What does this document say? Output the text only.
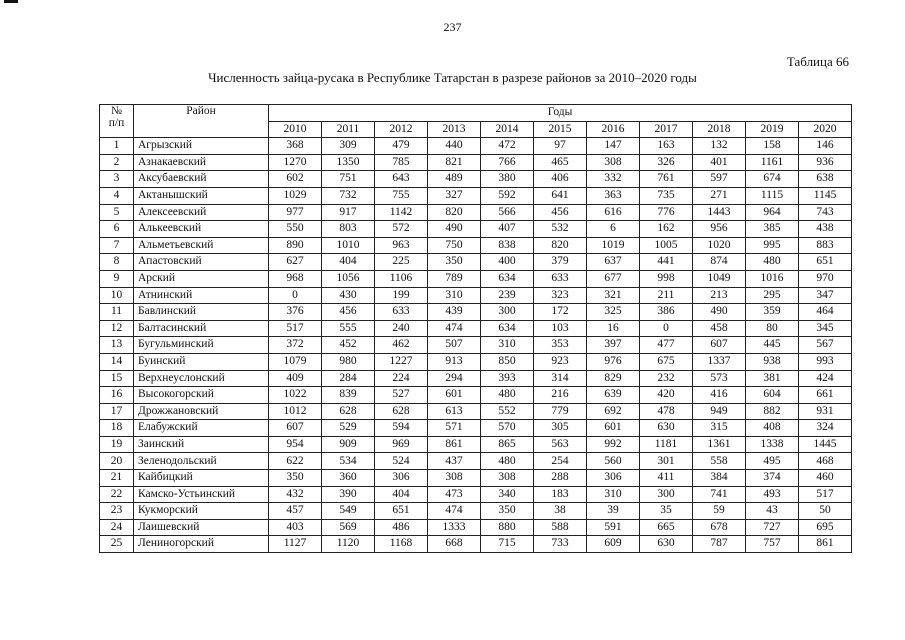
237
Таблица 66
Численность зайца-русака в Республике Татарстан в разрезе районов за 2010–2020 годы
№
п/п	Район	Годы										
		2010	2011	2012	2013	2014	2015	2016	2017	2018	2019	2020
1	Агрызский	368	309	479	440	472	97	147	163	132	158	146
2	Азнакаевский	1270	1350	785	821	766	465	308	326	401	1161	936
3	Аксубаевский	602	751	643	489	380	406	332	761	597	674	638
4	Актанышский	1029	732	755	327	592	641	363	735	271	1115	1145
5	Алексеевский	977	917	1142	820	566	456	616	776	1443	964	743
6	Алькеевский	550	803	572	490	407	532	6	162	956	385	438
7	Альметьевский	890	1010	963	750	838	820	1019	1005	1020	995	883
8	Апастовский	627	404	225	350	400	379	637	441	874	480	651
9	Арский	968	1056	1106	789	634	633	677	998	1049	1016	970
10	Атнинский	0	430	199	310	239	323	321	211	213	295	347
11	Бавлинский	376	456	633	439	300	172	325	386	490	359	464
12	Балтасинский	517	555	240	474	634	103	16	0	458	80	345
13	Бугульминский	372	452	462	507	310	353	397	477	607	445	567
14	Буинский	1079	980	1227	913	850	923	976	675	1337	938	993
15	Верхнеуслонский	409	284	224	294	393	314	829	232	573	381	424
16	Высокогорский	1022	839	527	601	480	216	639	420	416	604	661
17	Дрожжановский	1012	628	628	613	552	779	692	478	949	882	931
18	Елабужский	607	529	594	571	570	305	601	630	315	408	324
19	Заинский	954	909	969	861	865	563	992	1181	1361	1338	1445
20	Зеленодольский	622	534	524	437	480	254	560	301	558	495	468
21	Кайбицкий	350	360	306	308	308	288	306	411	384	374	460
22	Камско-Устьинский	432	390	404	473	340	183	310	300	741	493	517
23	Кукморский	457	549	651	474	350	38	39	35	59	43	50
24	Лаишевский	403	569	486	1333	880	588	591	665	678	727	695
25	Лениногорский	1127	1120	1168	668	715	733	609	630	787	757	861
